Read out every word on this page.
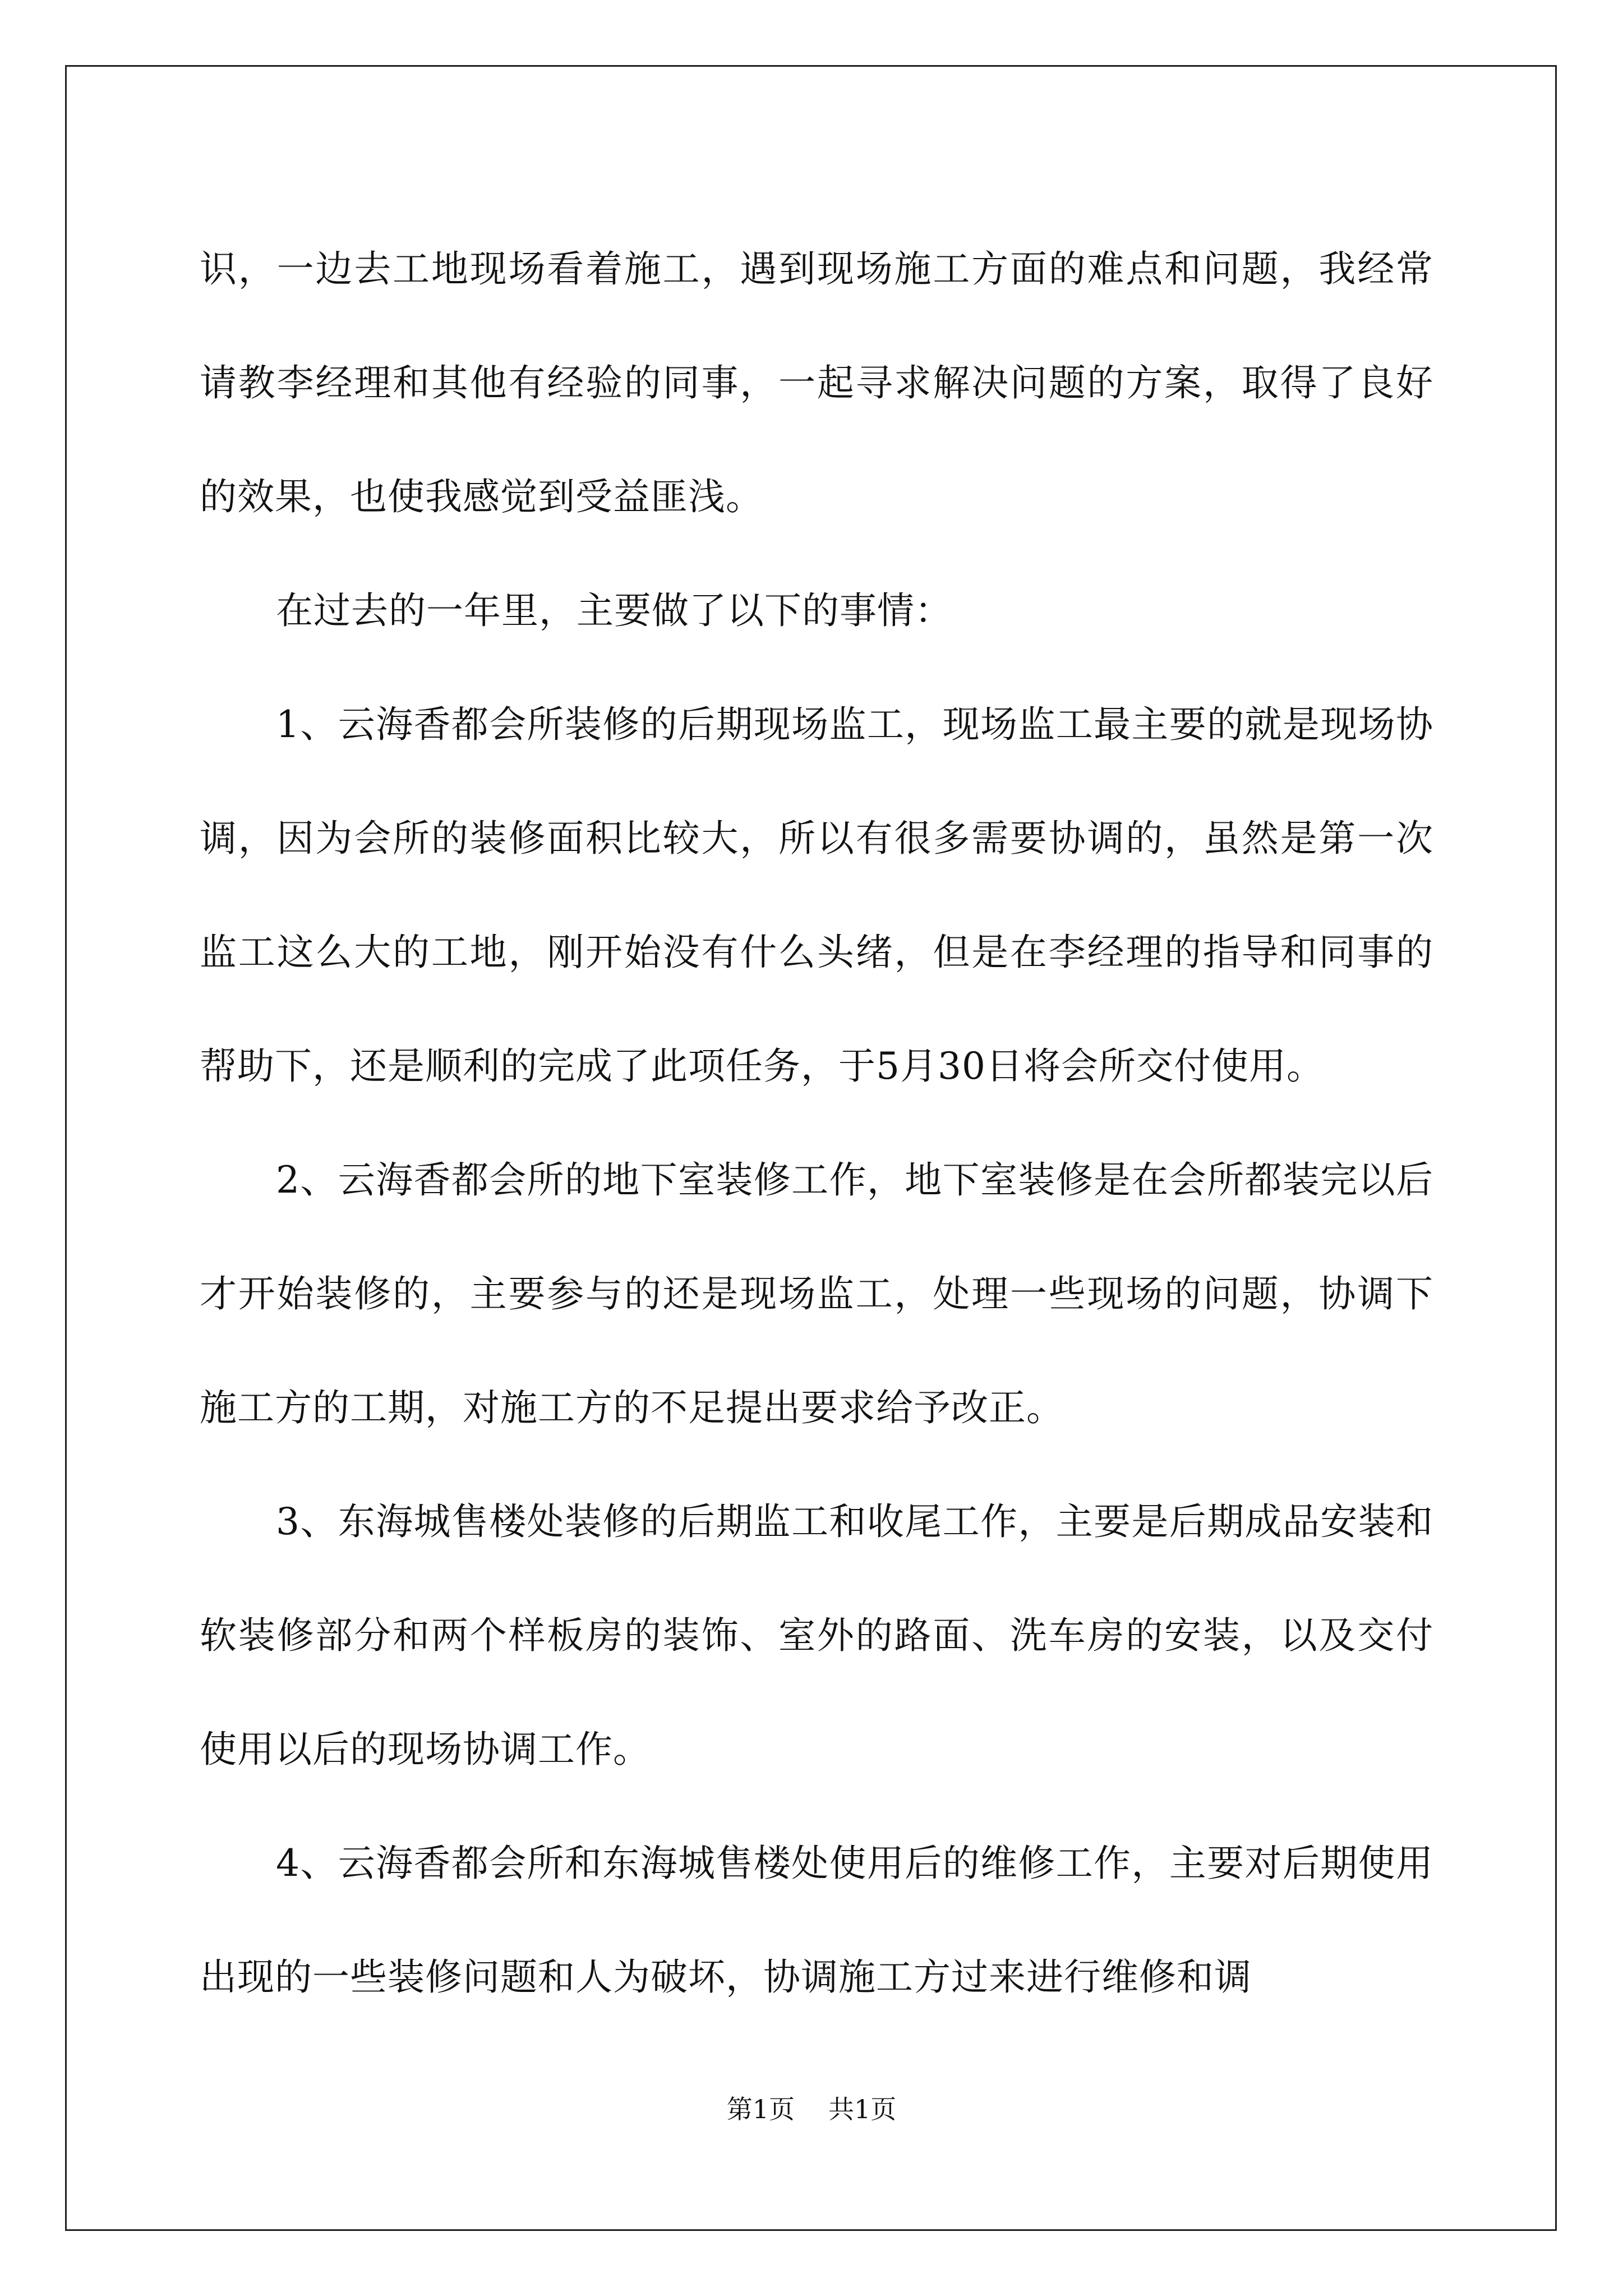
识，一边去工地现场看着施工，遇到现场施工方面的难点和问题，我经常请教李经理和其他有经验的同事，一起寻求解决问题的方案，取得了良好的效果，也使我感觉到受益匪浅。

在过去的一年里，主要做了以下的事情：

1、云海香都会所装修的后期现场监工，现场监工最主要的就是现场协调，因为会所的装修面积比较大，所以有很多需要协调的，虽然是第一次监工这么大的工地，刚开始没有什么头绪，但是在李经理的指导和同事的帮助下，还是顺利的完成了此项任务，于5月30日将会所交付使用。

2、云海香都会所的地下室装修工作，地下室装修是在会所都装完以后才开始装修的，主要参与的还是现场监工，处理一些现场的问题，协调下施工方的工期，对施工方的不足提出要求给予改正。

3、东海城售楼处装修的后期监工和收尾工作，主要是后期成品安装和软装修部分和两个样板房的装饰、室外的路面、洗车房的安装，以及交付使用以后的现场协调工作。

4、云海香都会所和东海城售楼处使用后的维修工作，主要对后期使用出现的一些装修问题和人为破坏，协调施工方过来进行维修和调

第1页 共1页
